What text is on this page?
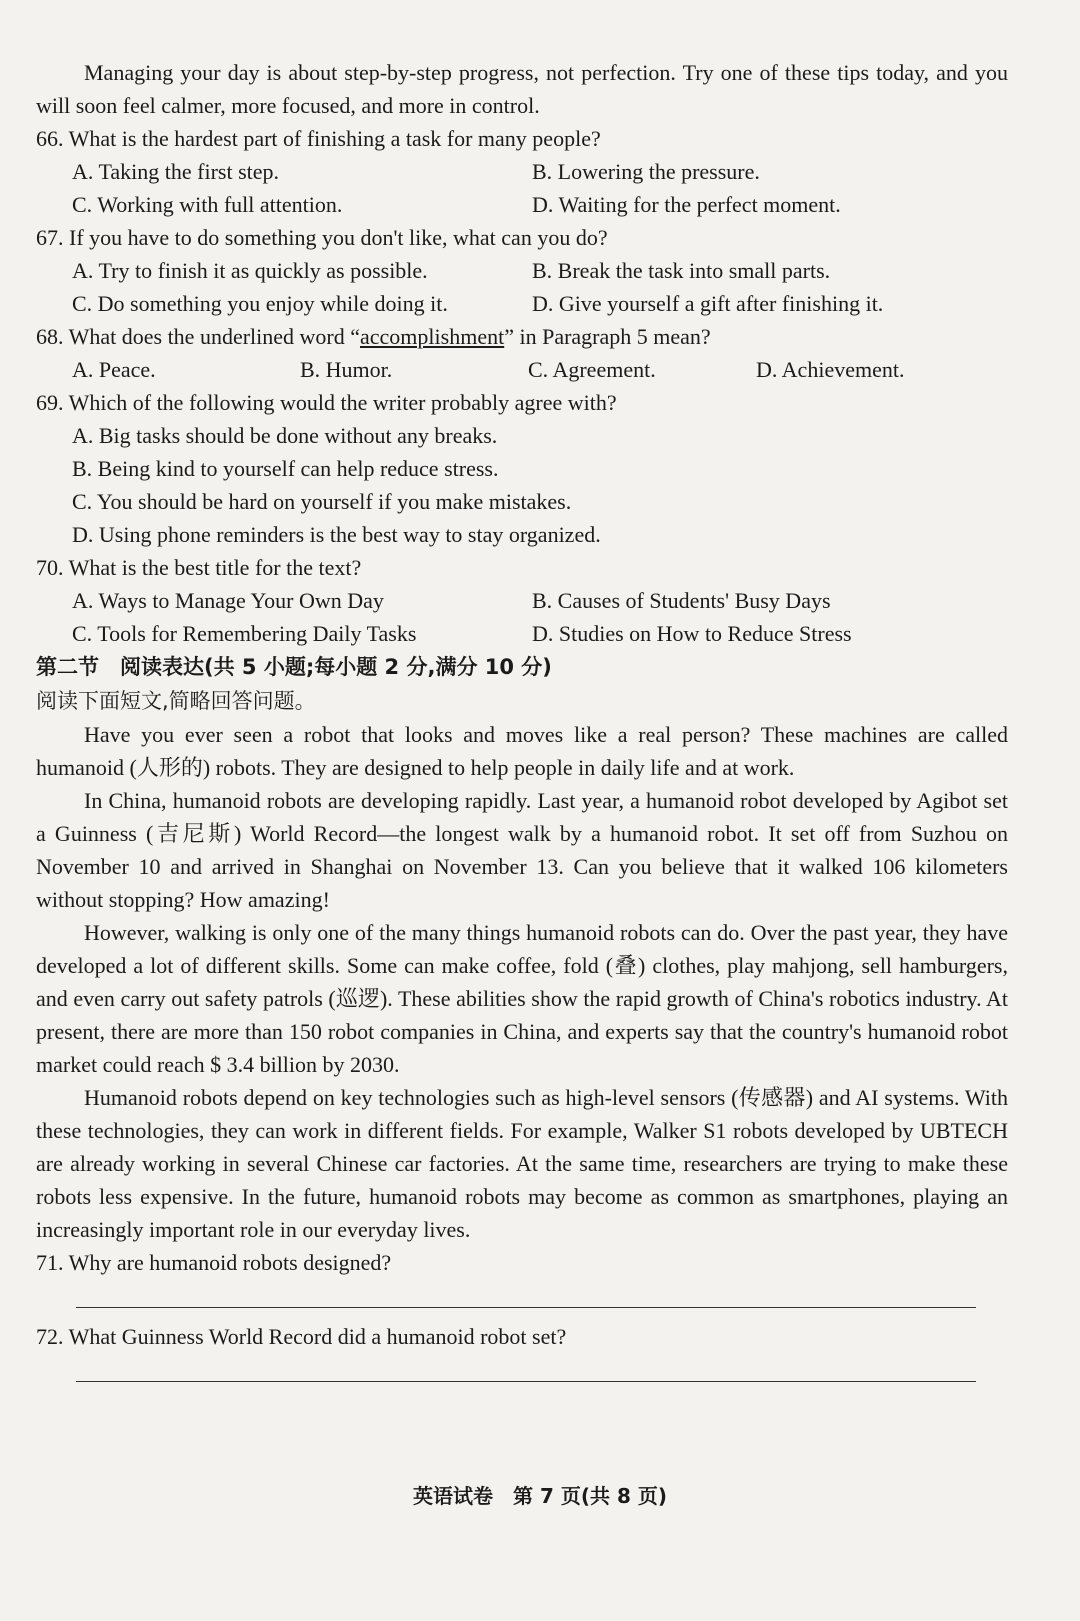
Managing your day is about step-by-step progress, not perfection. Try one of these tips today, and you will soon feel calmer, more focused, and more in control.

66. What is the hardest part of finishing a task for many people?

A. Taking the first step.	B. Lowering the pressure.
C. Working with full attention.	D. Waiting for the perfect moment.

67. If you have to do something you don't like, what can you do?

A. Try to finish it as quickly as possible.	B. Break the task into small parts.
C. Do something you enjoy while doing it.	D. Give yourself a gift after finishing it.

68. What does the underlined word “accomplishment” in Paragraph 5 mean?

A. Peace.	B. Humor.	C. Agreement.	D. Achievement.

69. Which of the following would the writer probably agree with?

A. Big tasks should be done without any breaks.
B. Being kind to yourself can help reduce stress.
C. You should be hard on yourself if you make mistakes.
D. Using phone reminders is the best way to stay organized.

70. What is the best title for the text?

A. Ways to Manage Your Own Day	B. Causes of Students' Busy Days
C. Tools for Remembering Daily Tasks	D. Studies on How to Reduce Stress
第二节　阅读表达(共 5 小题;每小题 2 分,满分 10 分)
阅读下面短文,简略回答问题。

Have you ever seen a robot that looks and moves like a real person? These machines are called humanoid (人形的) robots. They are designed to help people in daily life and at work.

In China, humanoid robots are developing rapidly. Last year, a humanoid robot developed by Agibot set a Guinness (吉尼斯) World Record—the longest walk by a humanoid robot. It set off from Suzhou on November 10 and arrived in Shanghai on November 13. Can you believe that it walked 106 kilometers without stopping? How amazing!

However, walking is only one of the many things humanoid robots can do. Over the past year, they have developed a lot of different skills. Some can make coffee, fold (叠) clothes, play mahjong, sell hamburgers, and even carry out safety patrols (巡逻). These abilities show the rapid growth of China's robotics industry. At present, there are more than 150 robot companies in China, and experts say that the country's humanoid robot market could reach $ 3.4 billion by 2030.

Humanoid robots depend on key technologies such as high-level sensors (传感器) and AI systems. With these technologies, they can work in different fields. For example, Walker S1 robots developed by UBTECH are already working in several Chinese car factories. At the same time, researchers are trying to make these robots less expensive. In the future, humanoid robots may become as common as smartphones, playing an increasingly important role in our everyday lives.

71. Why are humanoid robots designed?

72. What Guinness World Record did a humanoid robot set?

英语试卷　第 7 页(共 8 页)
